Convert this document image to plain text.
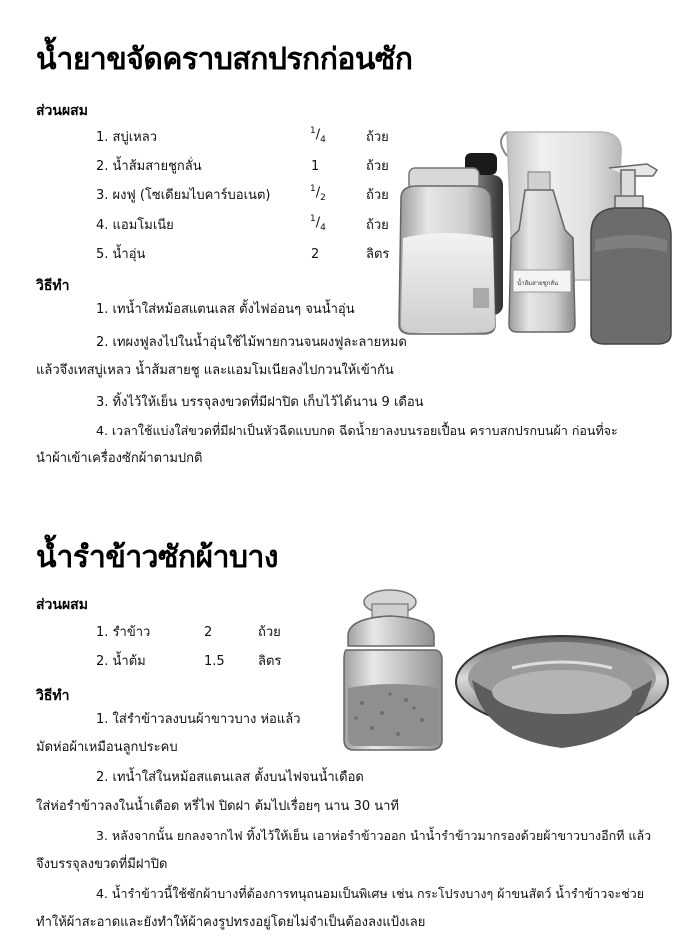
น้ำยาขจัดคราบสกปรกก่อนซัก
ส่วนผสม
1. สบู่เหลว	$^1/_4$	ถ้วย
2. น้ำส้มสายชูกลั่น	1	ถ้วย
3. ผงฟู (โซเดียมไบคาร์บอเนต)	$^1/_2$	ถ้วย
4. แอมโมเนีย	$^1/_4$	ถ้วย
5. น้ำอุ่น	2	ลิตร
วิธีทำ
1. เทน้ำใส่หม้อสแตนเลส ตั้งไฟอ่อนๆ จนน้ำอุ่น
2. เทผงฟูลงไปในน้ำอุ่นใช้ไม้พายกวนจนผงฟูละลายหมด
แล้วจึงเทสบู่เหลว น้ำส้มสายชู และแอมโมเนียลงไปกวนให้เข้ากัน
3. ทิ้งไว้ให้เย็น บรรจุลงขวดที่มีฝาปิด เก็บไว้ได้นาน 9 เดือน
4. เวลาใช้แบ่งใส่ขวดที่มีฝาเป็นหัวฉีดแบบกด ฉีดน้ำยาลงบนรอยเปื้อน คราบสกปรกบนผ้า ก่อนที่จะ
นำผ้าเข้าเครื่องซักผ้าตามปกติ
น้ำส้มสายชูกลั่น
น้ำรำข้าวซักผ้าบาง
ส่วนผสม
1. รำข้าว	2	ถ้วย
2. น้ำต้ม	1.5	ลิตร
วิธีทำ
1. ใส่รำข้าวลงบนผ้าขาวบาง ห่อแล้ว
มัดห่อผ้าเหมือนลูกประคบ
2. เทน้ำใส่ในหม้อสแตนเลส ตั้งบนไฟจนน้ำเดือด
ใส่ห่อรำข้าวลงในน้ำเดือด หรี่ไฟ ปิดฝา ต้มไปเรื่อยๆ นาน 30 นาที
3. หลังจากนั้น ยกลงจากไฟ ทิ้งไว้ให้เย็น เอาห่อรำข้าวออก นำน้ำรำข้าวมากรองด้วยผ้าขาวบางอีกที แล้ว
จึงบรรจุลงขวดที่มีฝาปิด
4. น้ำรำข้าวนี้ใช้ซักผ้าบางที่ต้องการทนุถนอมเป็นพิเศษ เช่น กระโปรงบางๆ ผ้าขนสัตว์ น้ำรำข้าวจะช่วย
ทำให้ผ้าสะอาดและยังทำให้ผ้าคงรูปทรงอยู่โดยไม่จำเป็นต้องลงแป้งเลย
